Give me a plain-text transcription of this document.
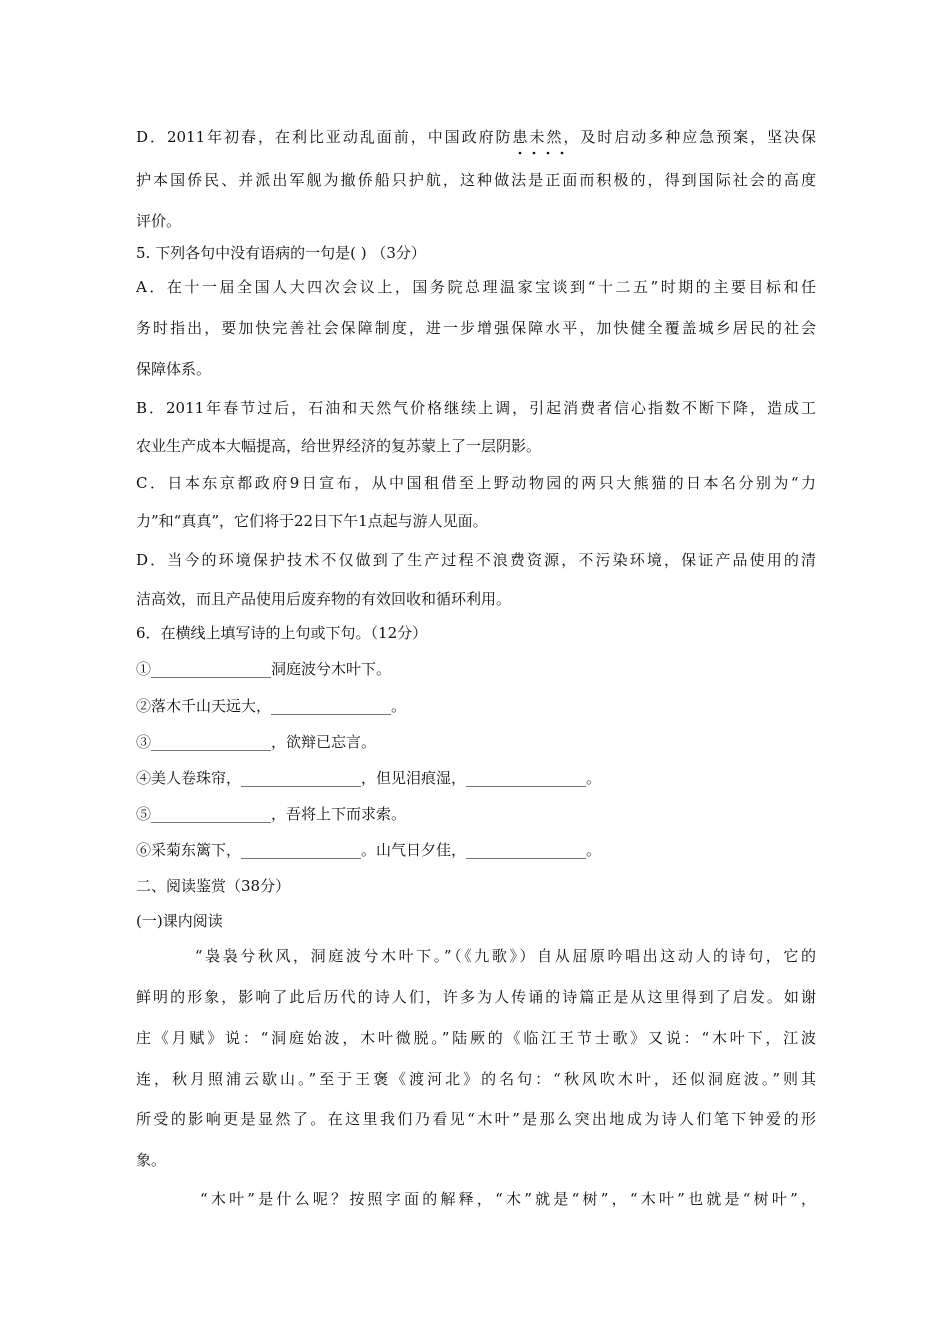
D．2011年初春，在利比亚动乱面前，中国政府防患未然，及时启动多种应急预案，坚决保
护本国侨民、并派出军舰为撤侨船只护航，这种做法是正面而积极的，得到国际社会的高度
评价。
5. 下列各句中没有语病的一句是( ) （3分）
A．在十一届全国人大四次会议上，国务院总理温家宝谈到“十二五”时期的主要目标和任
务时指出，要加快完善社会保障制度，进一步增强保障水平，加快健全覆盖城乡居民的社会
保障体系。
B．2011年春节过后，石油和天然气价格继续上调，引起消费者信心指数不断下降，造成工
农业生产成本大幅提高，给世界经济的复苏蒙上了一层阴影。
C．日本东京都政府9日宣布，从中国租借至上野动物园的两只大熊猫的日本名分别为“力
力”和“真真”，它们将于22日下午1点起与游人见面。
D．当今的环境保护技术不仅做到了生产过程不浪费资源，不污染环境，保证产品使用的清
洁高效，而且产品使用后废弃物的有效回收和循环利用。
6．在横线上填写诗的上句或下句。（12分）
①________________洞庭波兮木叶下。
②落木千山天远大，________________。
③________________，欲辩已忘言。
④美人卷珠帘，________________，但见泪痕湿，________________。
⑤________________，吾将上下而求索。
⑥采菊东篱下，________________。山气日夕佳，________________。
二、阅读鉴赏（38分）
(一)课内阅读
“袅袅兮秋风，洞庭波兮木叶下。”（《九歌》）自从屈原吟唱出这动人的诗句，它的
鲜明的形象，影响了此后历代的诗人们，许多为人传诵的诗篇正是从这里得到了启发。如谢
庄《月赋》说：“洞庭始波，木叶微脱。”陆厥的《临江王节士歌》又说：“木叶下，江波
连，秋月照浦云歇山。”至于王褒《渡河北》的名句：“秋风吹木叶，还似洞庭波。”则其
所受的影响更是显然了。在这里我们乃看见“木叶”是那么突出地成为诗人们笔下钟爱的形
象。
“木叶”是什么呢？按照字面的解释，“木”就是“树”，“木叶”也就是“树叶”，
